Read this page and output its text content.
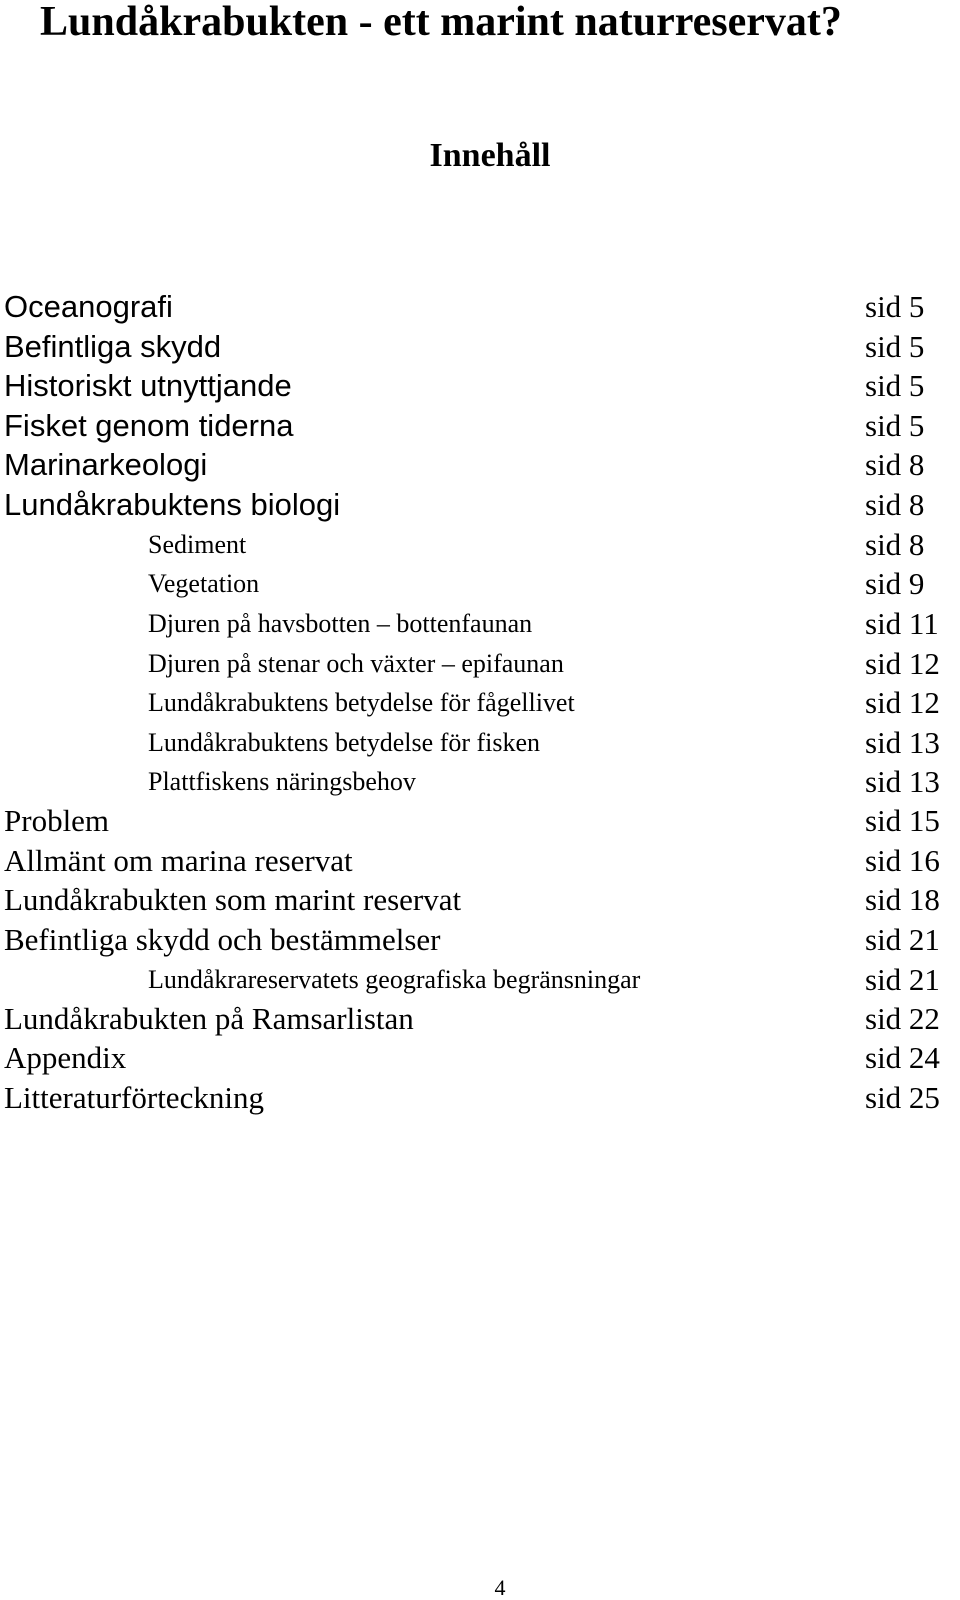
Lundåkrabukten - ett marint naturreservat?
Innehåll
Oceanografi	sid 5
Befintliga skydd	sid 5
Historiskt utnyttjande	sid 5
Fisket genom tiderna	sid 5
Marinarkeologi	sid 8
Lundåkrabuktens biologi	sid 8
Sediment	sid 8
Vegetation	sid 9
Djuren på havsbotten – bottenfaunan	sid 11
Djuren på stenar och växter – epifaunan	sid 12
Lundåkrabuktens betydelse för fågellivet	sid 12
Lundåkrabuktens betydelse för fisken	sid 13
Plattfiskens näringsbehov	sid 13
Problem	sid 15
Allmänt om marina reservat	sid 16
Lundåkrabukten som marint reservat	sid 18
Befintliga skydd och bestämmelser	sid 21
Lundåkrareservatets geografiska begränsningar	sid 21
Lundåkrabukten på Ramsarlistan	sid 22
Appendix	sid 24
Litteraturförteckning	sid 25
4
